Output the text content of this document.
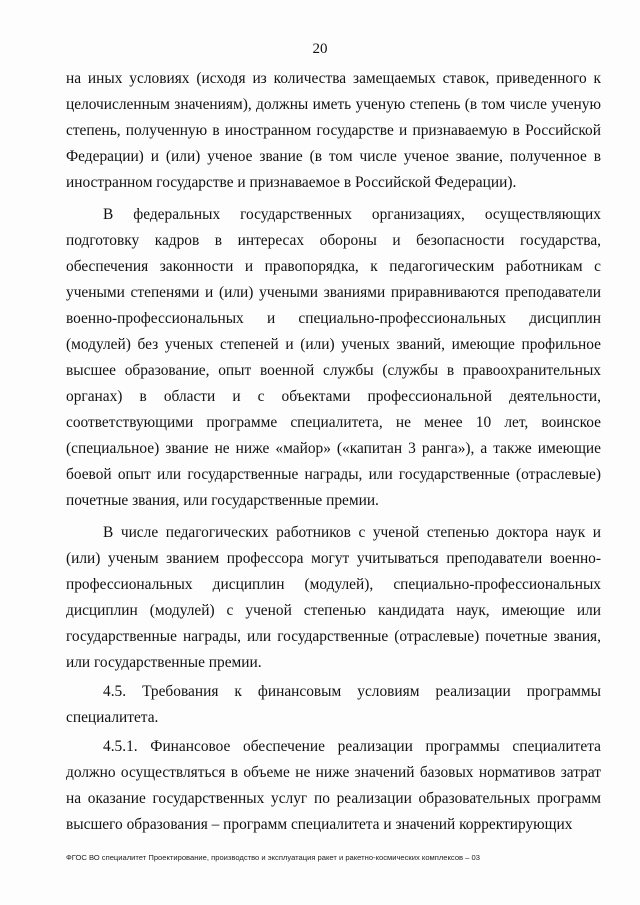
20

на иных условиях (исходя из количества замещаемых ставок, приведенного к целочисленным значениям), должны иметь ученую степень (в том числе ученую степень, полученную в иностранном государстве и признаваемую в Российской Федерации) и (или) ученое звание (в том числе ученое звание, полученное в иностранном государстве и признаваемое в Российской Федерации).

В федеральных государственных организациях, осуществляющих подготовку кадров в интересах обороны и безопасности государства, обеспечения законности и правопорядка, к педагогическим работникам с учеными степенями и (или) учеными званиями приравниваются преподаватели военно-профессиональных и специально-профессиональных дисциплин (модулей) без ученых степеней и (или) ученых званий, имеющие профильное высшее образование, опыт военной службы (службы в правоохранительных органах) в области и с объектами профессиональной деятельности, соответствующими программе специалитета, не менее 10 лет, воинское (специальное) звание не ниже «майор» («капитан 3 ранга»), а также имеющие боевой опыт или государственные награды, или государственные (отраслевые) почетные звания, или государственные премии.

В числе педагогических работников с ученой степенью доктора наук и (или) ученым званием профессора могут учитываться преподаватели военно-профессиональных дисциплин (модулей), специально-профессиональных дисциплин (модулей) с ученой степенью кандидата наук, имеющие или государственные награды, или государственные (отраслевые) почетные звания, или государственные премии.

4.5. Требования к финансовым условиям реализации программы специалитета.

4.5.1. Финансовое обеспечение реализации программы специалитета должно осуществляться в объеме не ниже значений базовых нормативов затрат на оказание государственных услуг по реализации образовательных программ высшего образования – программ специалитета и значений корректирующих

ФГОС ВО специалитет Проектирование, производство и эксплуатация ракет и ракетно-космических комплексов – 03
